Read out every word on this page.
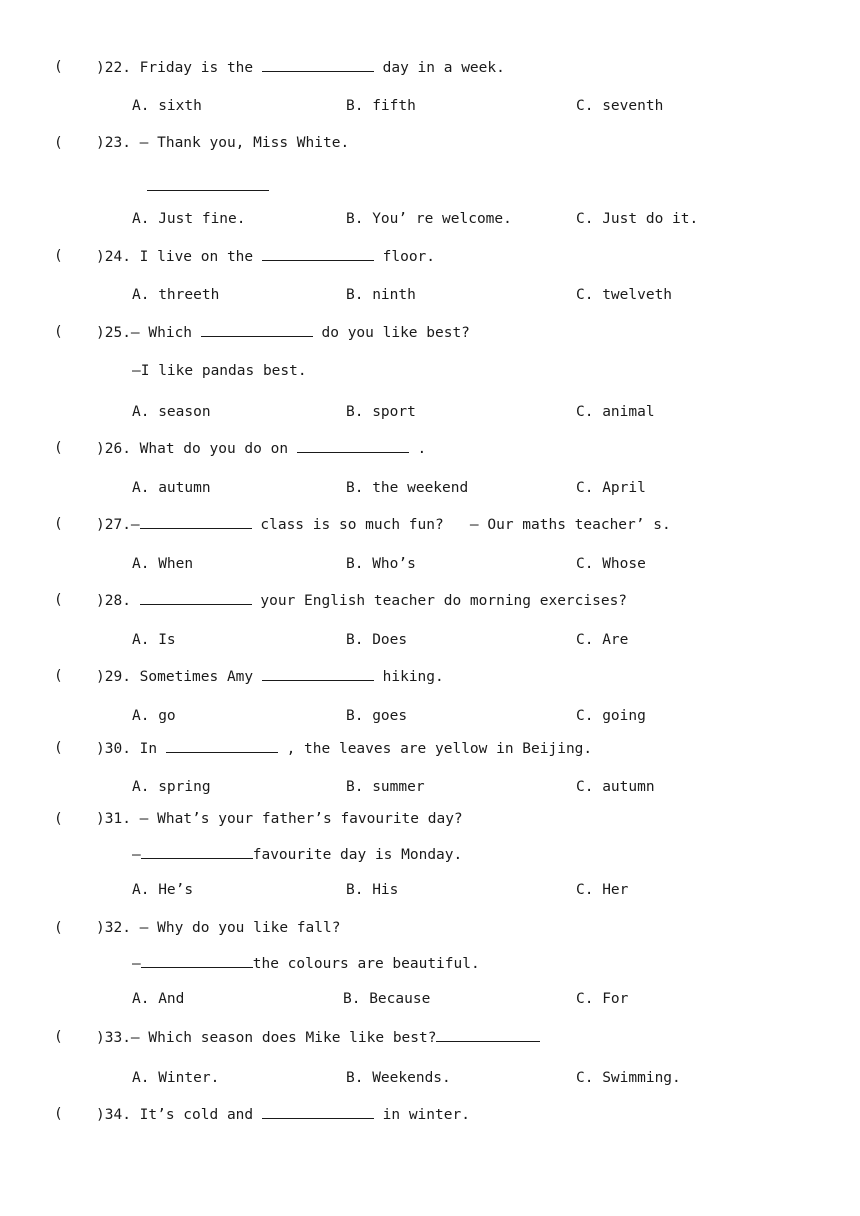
( )22. Friday is the	day in a week.
A. sixth	B. fifth	C. seventh
( )23. — Thank you, Miss White.
A. Just fine.	B. You’ re welcome.	C. Just do it.
( )24. I live on the	floor.
A. threeth	B. ninth	C. twelveth
( )25.— Which	do you like best?
—I like pandas best.
A. season	B. sport	C. animal
( )26. What do you do on	.
A. autumn	B. the weekend	C. April
( )27.—	class is so much fun?   — Our maths teacher’ s.
A. When	B. Who’s	C. Whose
( )28.	your English teacher do morning exercises?
A. Is	B. Does	C. Are
( )29. Sometimes Amy	hiking.
A. go	B. goes	C. going
( )30. In	, the leaves are yellow in Beijing.
A. spring	B. summer	C. autumn
( )31. — What’s your father’s favourite day?
—	favourite day is Monday.
A. He’s	B. His	C. Her
( )32. — Why do you like fall?
—	the colours are beautiful.
A. And	B. Because	C. For
( )33.— Which season does Mike like best?
A. Winter.	B. Weekends.	C. Swimming.
( )34. It’s cold and	in winter.
